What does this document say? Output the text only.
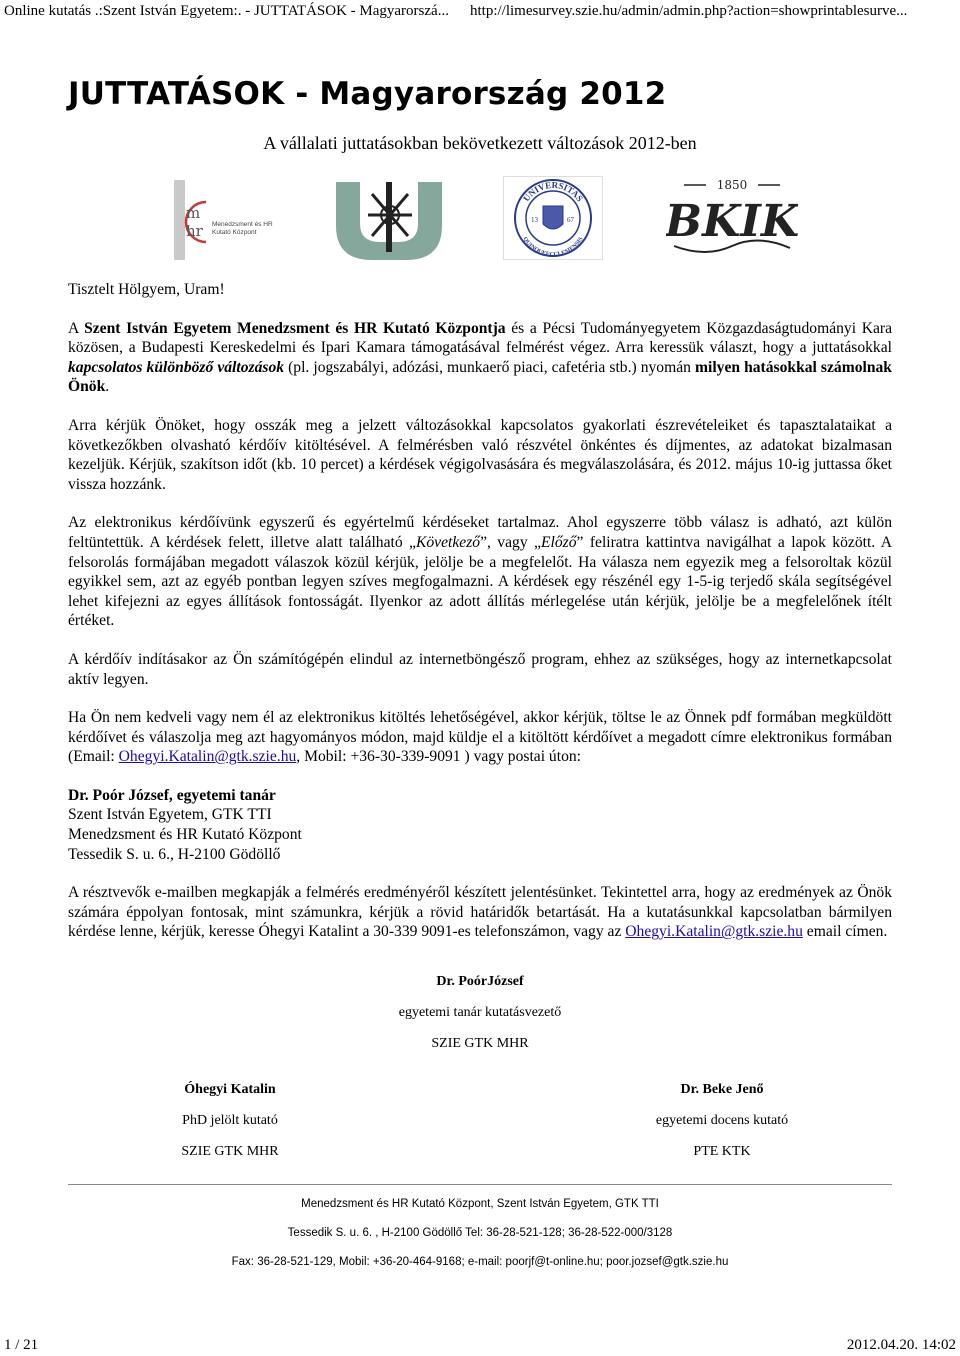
Online kutatás .:Szent István Egyetem:. - JUTTATÁSOK - Magyarorszá... http://limesurvey.szie.hu/admin/admin.php?action=showprintablesurve...
JUTTATÁSOK - Magyarország 2012
A vállalati juttatásokban bekövetkezett változások 2012-ben
m
hr Menedzsment és HR
Kutató Központ
UNIVERSITAS
QUINQUEECCLESIENSIS
13	67
1850
BKIK

Tisztelt Hölgyem, Uram!

A Szent István Egyetem Menedzsment és HR Kutató Központja és a Pécsi Tudományegyetem Közgazdaságtudományi Kara közösen, a Budapesti Kereskedelmi és Ipari Kamara támogatásával felmérést végez. Arra keressük választ, hogy a juttatásokkal kapcsolatos különböző változások (pl. jogszabályi, adózási, munkaerő piaci, cafetéria stb.) nyomán milyen hatásokkal számolnak Önök.

Arra kérjük Önöket, hogy osszák meg a jelzett változásokkal kapcsolatos gyakorlati észrevételeiket és tapasztalataikat a következőkben olvasható kérdőív kitöltésével. A felmérésben való részvétel önkéntes és díjmentes, az adatokat bizalmasan kezeljük. Kérjük, szakítson időt (kb. 10 percet) a kérdések végigolvasására és megválaszolására, és 2012. május 10-ig juttassa őket vissza hozzánk.

Az elektronikus kérdőívünk egyszerű és egyértelmű kérdéseket tartalmaz. Ahol egyszerre több válasz is adható, azt külön feltüntettük. A kérdések felett, illetve alatt található „Következő”, vagy „Előző” feliratra kattintva navigálhat a lapok között. A felsorolás formájában megadott válaszok közül kérjük, jelölje be a megfelelőt. Ha válasza nem egyezik meg a felsoroltak közül egyikkel sem, azt az egyéb pontban legyen szíves megfogalmazni. A kérdések egy részénél egy 1-5-ig terjedő skála segítségével lehet kifejezni az egyes állítások fontosságát. Ilyenkor az adott állítás mérlegelése után kérjük, jelölje be a megfelelőnek ítélt értéket.

A kérdőív indításakor az Ön számítógépén elindul az internetböngésző program, ehhez az szükséges, hogy az internetkapcsolat aktív legyen.

Ha Ön nem kedveli vagy nem él az elektronikus kitöltés lehetőségével, akkor kérjük, töltse le az Önnek pdf formában megküldött kérdőívet és válaszolja meg azt hagyományos módon, majd küldje el a kitöltött kérdőívet a megadott címre elektronikus formában (Email: Ohegyi.Katalin@gtk.szie.hu, Mobil: +36-30-339-9091 ) vagy postai úton:

Dr. Poór József, egyetemi tanár
Szent István Egyetem, GTK TTI
Menedzsment és HR Kutató Központ
Tessedik S. u. 6., H-2100 Gödöllő

A résztvevők e-mailben megkapják a felmérés eredményéről készített jelentésünket. Tekintettel arra, hogy az eredmények az Önök számára éppolyan fontosak, mint számunkra, kérjük a rövid határidők betartását. Ha a kutatásunkkal kapcsolatban bármilyen kérdése lenne, kérjük, keresse Óhegyi Katalint a 30-339 9091-es telefonszámon, vagy az Ohegyi.Katalin@gtk.szie.hu email címen.

Dr. PoórJózsef
egyetemi tanár kutatásvezető
SZIE GTK MHR
Óhegyi Katalin
PhD jelölt kutató
SZIE GTK MHR
Dr. Beke Jenő
egyetemi docens kutató
PTE KTK
Menedzsment és HR Kutató Központ, Szent István Egyetem, GTK TTI
Tessedik S. u. 6. , H-2100 Gödöllő Tel: 36-28-521-128; 36-28-522-000/3128
Fax: 36-28-521-129, Mobil: +36-20-464-9168; e-mail: poorjf@t-online.hu; poor.jozsef@gtk.szie.hu
1 / 21	2012.04.20. 14:02
